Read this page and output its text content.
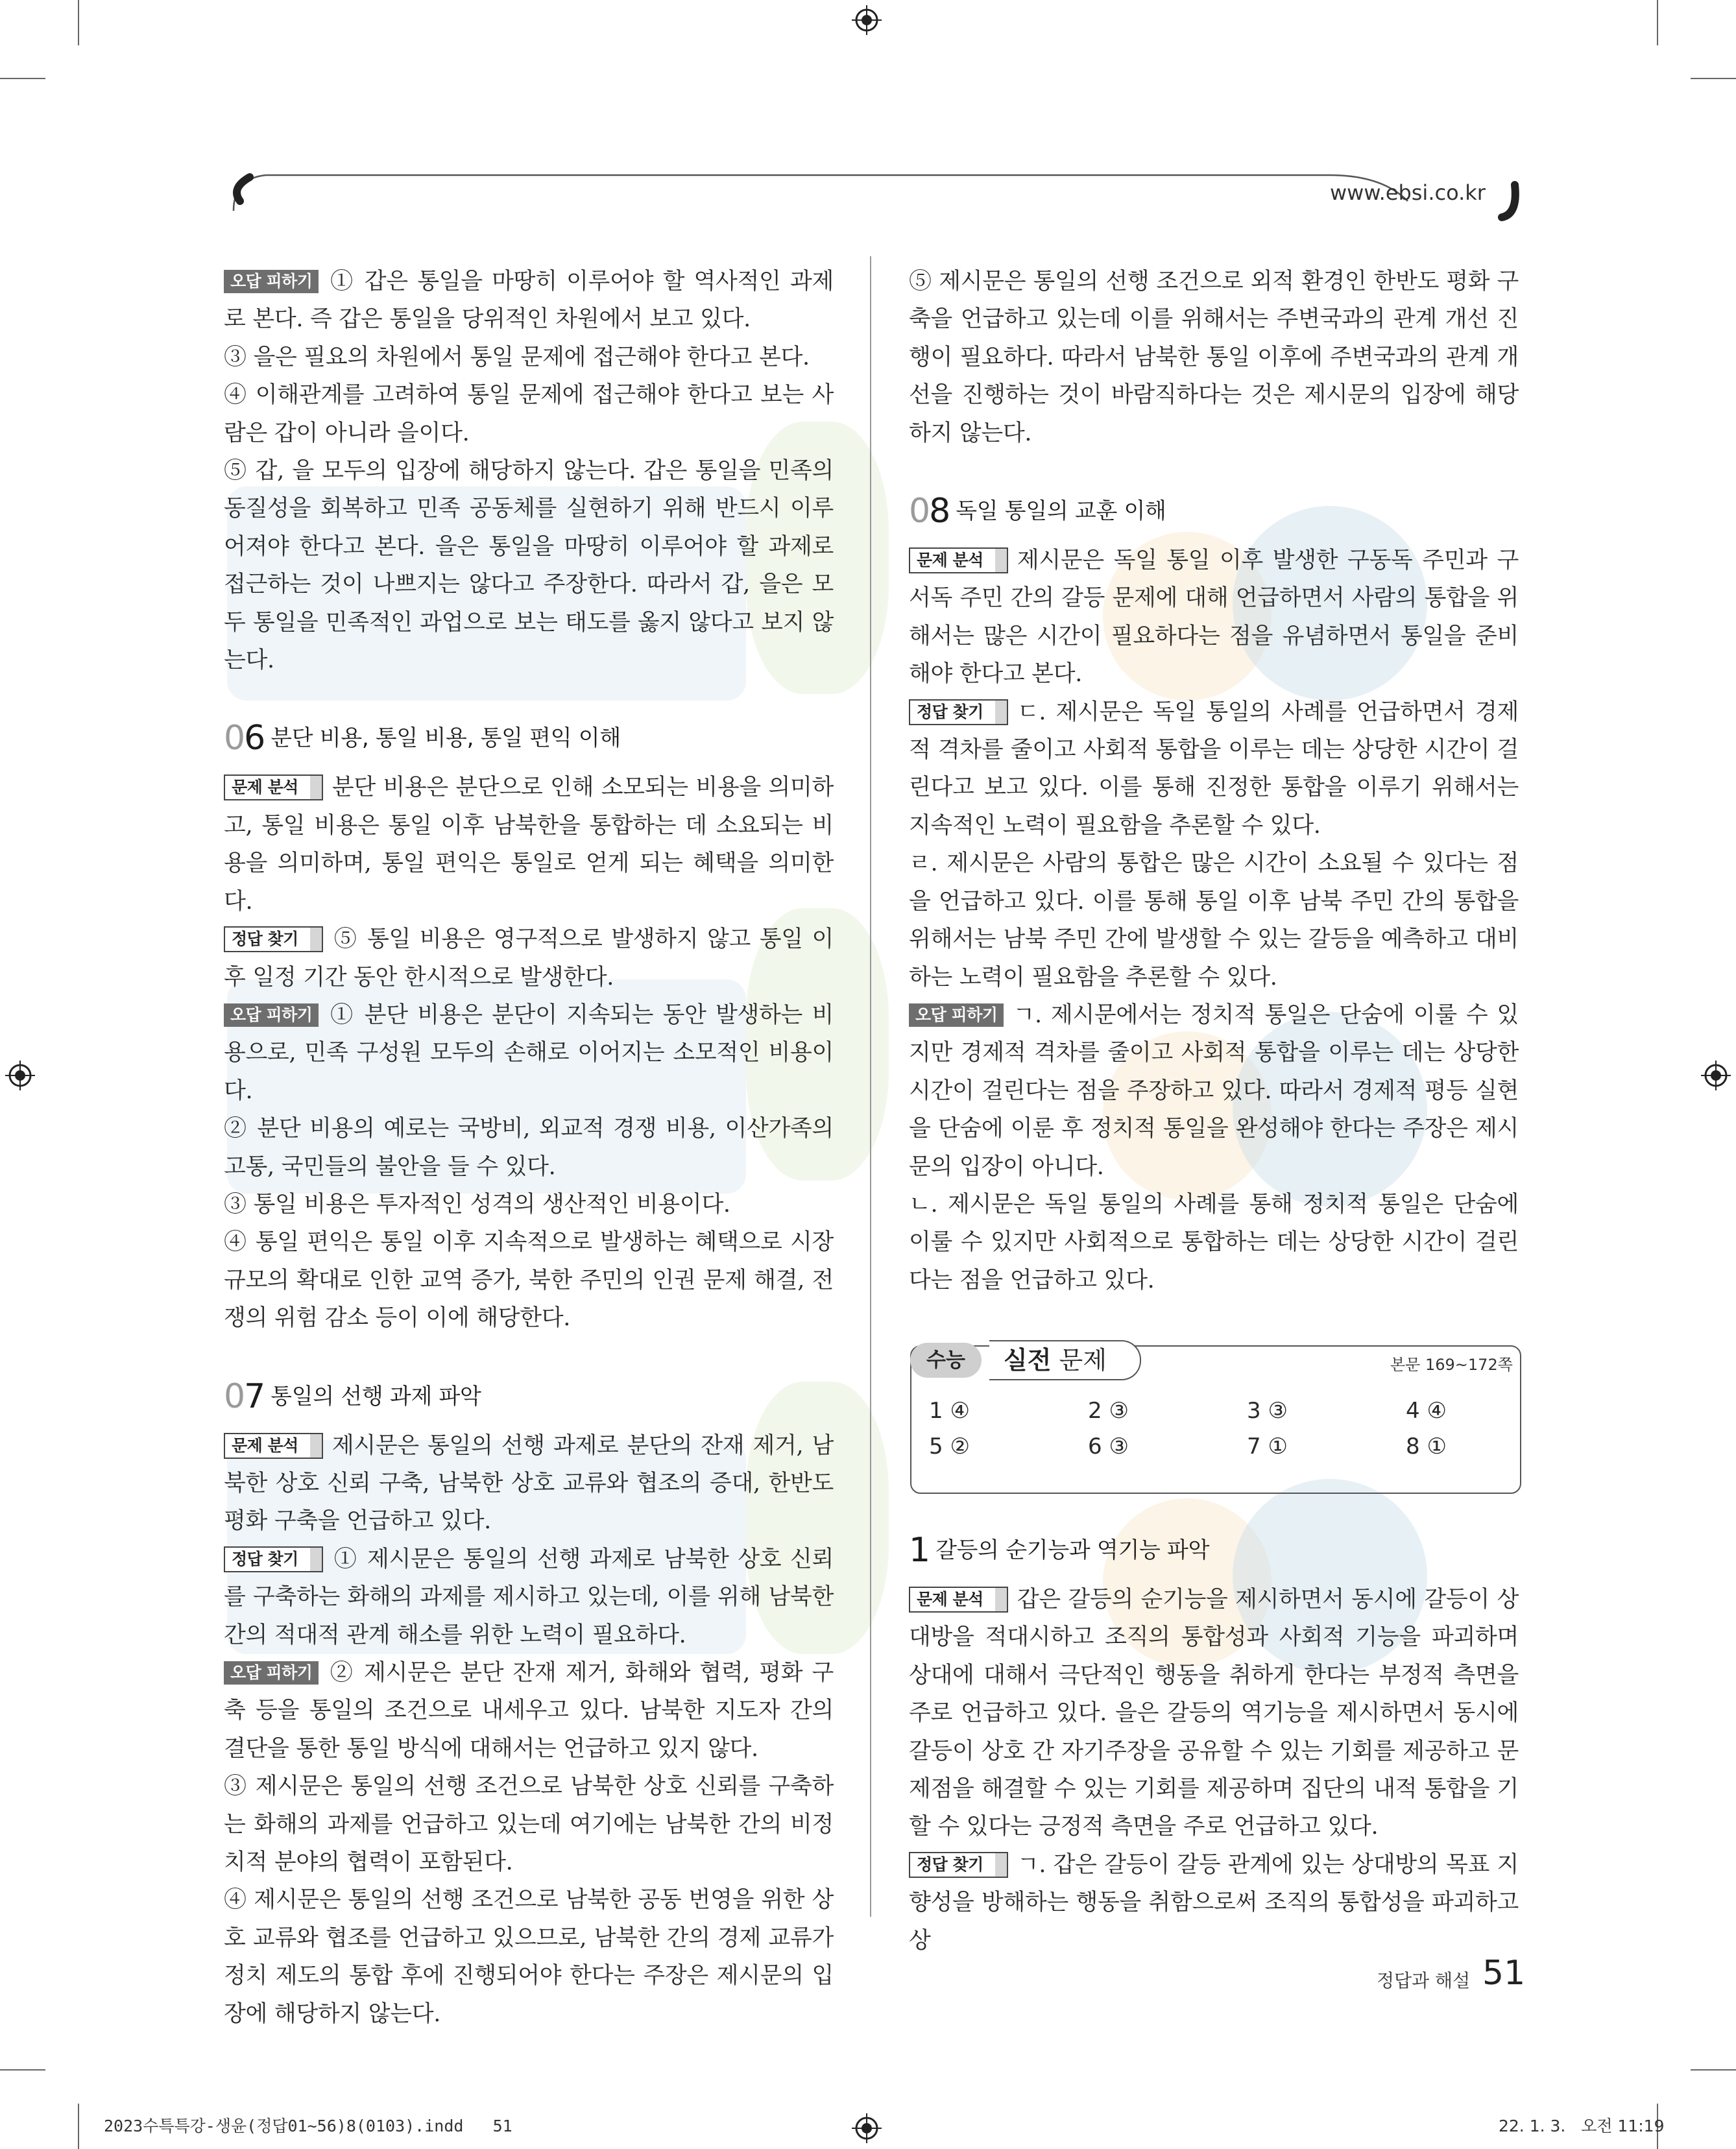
www.ebsi.co.kr

오답 피하기 ① 갑은 통일을 마땅히 이루어야 할 역사적인 과제로 본다. 즉 갑은 통일을 당위적인 차원에서 보고 있다.

③ 을은 필요의 차원에서 통일 문제에 접근해야 한다고 본다.

④ 이해관계를 고려하여 통일 문제에 접근해야 한다고 보는 사람은 갑이 아니라 을이다.

⑤ 갑, 을 모두의 입장에 해당하지 않는다. 갑은 통일을 민족의 동질성을 회복하고 민족 공동체를 실현하기 위해 반드시 이루어져야 한다고 본다. 을은 통일을 마땅히 이루어야 할 과제로 접근하는 것이 나쁘지는 않다고 주장한다. 따라서 갑, 을은 모두 통일을 민족적인 과업으로 보는 태도를 옳지 않다고 보지 않는다.

06 분단 비용, 통일 비용, 통일 편익 이해

문제 분석 분단 비용은 분단으로 인해 소모되는 비용을 의미하고, 통일 비용은 통일 이후 남북한을 통합하는 데 소요되는 비용을 의미하며, 통일 편익은 통일로 얻게 되는 혜택을 의미한다.

정답 찾기 ⑤ 통일 비용은 영구적으로 발생하지 않고 통일 이후 일정 기간 동안 한시적으로 발생한다.

오답 피하기 ① 분단 비용은 분단이 지속되는 동안 발생하는 비용으로, 민족 구성원 모두의 손해로 이어지는 소모적인 비용이다.

② 분단 비용의 예로는 국방비, 외교적 경쟁 비용, 이산가족의 고통, 국민들의 불안을 들 수 있다.

③ 통일 비용은 투자적인 성격의 생산적인 비용이다.

④ 통일 편익은 통일 이후 지속적으로 발생하는 혜택으로 시장 규모의 확대로 인한 교역 증가, 북한 주민의 인권 문제 해결, 전쟁의 위험 감소 등이 이에 해당한다.

07 통일의 선행 과제 파악

문제 분석 제시문은 통일의 선행 과제로 분단의 잔재 제거, 남북한 상호 신뢰 구축, 남북한 상호 교류와 협조의 증대, 한반도 평화 구축을 언급하고 있다.

정답 찾기 ① 제시문은 통일의 선행 과제로 남북한 상호 신뢰를 구축하는 화해의 과제를 제시하고 있는데, 이를 위해 남북한 간의 적대적 관계 해소를 위한 노력이 필요하다.

오답 피하기 ② 제시문은 분단 잔재 제거, 화해와 협력, 평화 구축 등을 통일의 조건으로 내세우고 있다. 남북한 지도자 간의 결단을 통한 통일 방식에 대해서는 언급하고 있지 않다.

③ 제시문은 통일의 선행 조건으로 남북한 상호 신뢰를 구축하는 화해의 과제를 언급하고 있는데 여기에는 남북한 간의 비정치적 분야의 협력이 포함된다.

④ 제시문은 통일의 선행 조건으로 남북한 공동 번영을 위한 상호 교류와 협조를 언급하고 있으므로, 남북한 간의 경제 교류가 정치 제도의 통합 후에 진행되어야 한다는 주장은 제시문의 입장에 해당하지 않는다.

⑤ 제시문은 통일의 선행 조건으로 외적 환경인 한반도 평화 구축을 언급하고 있는데 이를 위해서는 주변국과의 관계 개선 진행이 필요하다. 따라서 남북한 통일 이후에 주변국과의 관계 개선을 진행하는 것이 바람직하다는 것은 제시문의 입장에 해당하지 않는다.

08 독일 통일의 교훈 이해

문제 분석 제시문은 독일 통일 이후 발생한 구동독 주민과 구서독 주민 간의 갈등 문제에 대해 언급하면서 사람의 통합을 위해서는 많은 시간이 필요하다는 점을 유념하면서 통일을 준비해야 한다고 본다.

정답 찾기 ㄷ. 제시문은 독일 통일의 사례를 언급하면서 경제적 격차를 줄이고 사회적 통합을 이루는 데는 상당한 시간이 걸린다고 보고 있다. 이를 통해 진정한 통합을 이루기 위해서는 지속적인 노력이 필요함을 추론할 수 있다.

ㄹ. 제시문은 사람의 통합은 많은 시간이 소요될 수 있다는 점을 언급하고 있다. 이를 통해 통일 이후 남북 주민 간의 통합을 위해서는 남북 주민 간에 발생할 수 있는 갈등을 예측하고 대비하는 노력이 필요함을 추론할 수 있다.

오답 피하기 ㄱ. 제시문에서는 정치적 통일은 단숨에 이룰 수 있지만 경제적 격차를 줄이고 사회적 통합을 이루는 데는 상당한 시간이 걸린다는 점을 주장하고 있다. 따라서 경제적 평등 실현을 단숨에 이룬 후 정치적 통일을 완성해야 한다는 주장은 제시문의 입장이 아니다.

ㄴ. 제시문은 독일 통일의 사례를 통해 정치적 통일은 단숨에 이룰 수 있지만 사회적으로 통합하는 데는 상당한 시간이 걸린다는 점을 언급하고 있다.

수능	실전 문제	본문 169~172쪽
1 ④	2 ③	3 ③	4 ④
5 ②	6 ③	7 ①	8 ①
1 갈등의 순기능과 역기능 파악

문제 분석 갑은 갈등의 순기능을 제시하면서 동시에 갈등이 상대방을 적대시하고 조직의 통합성과 사회적 기능을 파괴하며 상대에 대해서 극단적인 행동을 취하게 한다는 부정적 측면을 주로 언급하고 있다. 을은 갈등의 역기능을 제시하면서 동시에 갈등이 상호 간 자기주장을 공유할 수 있는 기회를 제공하고 문제점을 해결할 수 있는 기회를 제공하며 집단의 내적 통합을 기할 수 있다는 긍정적 측면을 주로 언급하고 있다.

정답 찾기 ㄱ. 갑은 갈등이 갈등 관계에 있는 상대방의 목표 지향성을 방해하는 행동을 취함으로써 조직의 통합성을 파괴하고 상

정답과 해설 51
2023수특특강-생윤(정답01~56)8(0103).indd   51	22. 1. 3.   오전 11:19
